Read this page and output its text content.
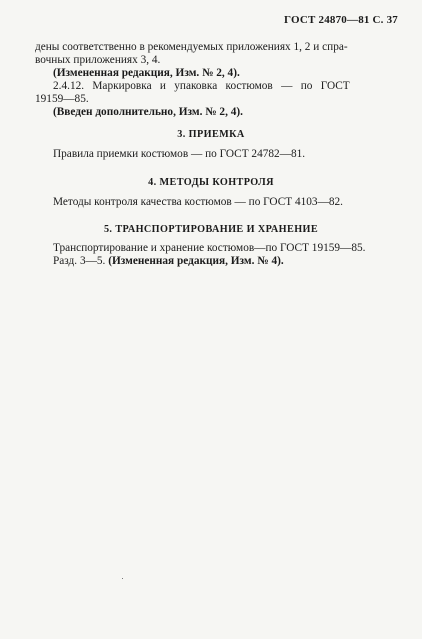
ГОСТ 24870—81 С. 37
дены соответственно в рекомендуемых приложениях 1, 2 и спра-
вочных приложениях 3, 4.
(Измененная редакция, Изм. № 2, 4).
2.4.12. Маркировка и упаковка костюмов — по ГОСТ
19159—85.
(Введен дополнительно, Изм. № 2, 4).
3. ПРИЕМКА
Правила приемки костюмов — по ГОСТ 24782—81.
4. МЕТОДЫ КОНТРОЛЯ
Методы контроля качества костюмов — по ГОСТ 4103—82.
5. ТРАНСПОРТИРОВАНИЕ И ХРАНЕНИЕ
Транспортирование и хранение костюмов—по ГОСТ 19159—85.
Разд. 3—5. (Измененная редакция, Изм. № 4).
